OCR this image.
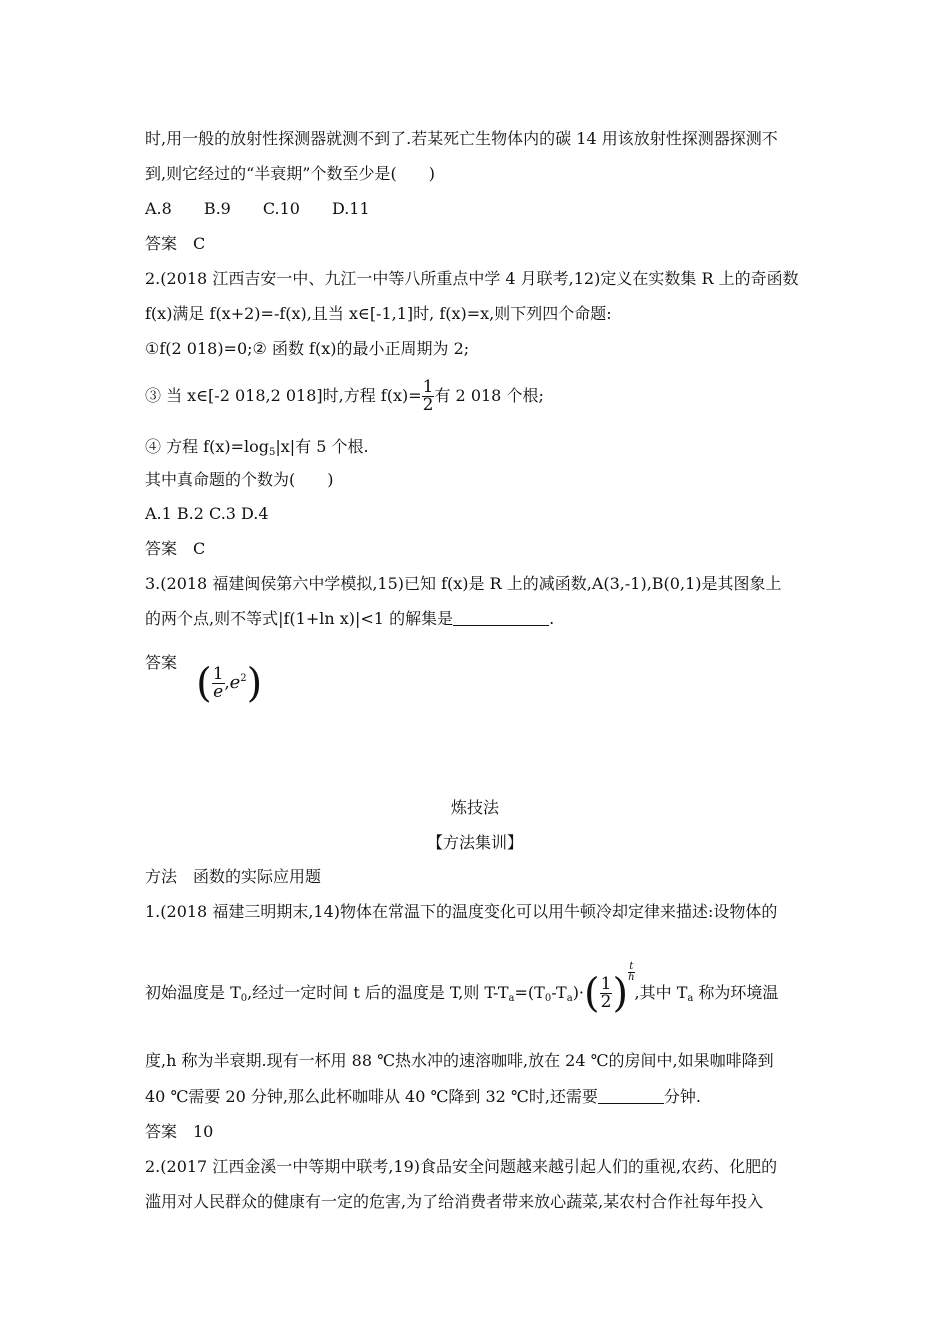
时,用一般的放射性探测器就测不到了.若某死亡生物体内的碳 14 用该放射性探测器探测不
到,则它经过的“半衰期”个数至少是(　　)
A.8　　B.9　　C.10　　D.11
答案　C
2.(2018 江西吉安一中、九江一中等八所重点中学 4 月联考,12)定义在实数集 R 上的奇函数
f(x)满足 f(x+2)=-f(x),且当 x∈[-1,1]时, f(x)=x,则下列四个命题:
①f(2 018)=0;② 函数 f(x)的最小正周期为 2;
③ 当 x∈[-2 018,2 018]时,方程 $f(x)= \frac{1}{2}$ 有 2 018 个根;
④ 方程 $f(x)=\log_5|x|$有 5 个根.
其中真命题的个数为(　　)
A.1 B.2 C.3 D.4
答案　C
3.(2018 福建闽侯第六中学模拟,15)已知 f(x)是 R 上的减函数,A(3,-1),B(0,1)是其图象上
的两个点,则不等式|f(1+ln x)|<1 的解集是	.
答案 ( $\frac{1}{e} ,e^2$)
炼技法
【方法集训】
方法　函数的实际应用题
1.(2018 福建三明期末,14)物体在常温下的温度变化可以用牛顿冷却定律来描述:设物体的
初始温度是 $T_0$,经过一定时间 t 后的温度是 T,则 $T-T_a=(T_0-T_a)\cdot( \frac{1}{2}$ ) $\frac{t}{h}$
,其中 $T_a$ 称为环境温
度,h 称为半衰期.现有一杯用 88 ℃热水冲的速溶咖啡,放在 24 ℃的房间中,如果咖啡降到
40 ℃需要 20 分钟,那么此杯咖啡从 40 ℃降到 32 ℃时,还需要	分钟.
答案　10
2.(2017 江西金溪一中等期中联考,19)食品安全问题越来越引起人们的重视,农药、化肥的
滥用对人民群众的健康有一定的危害,为了给消费者带来放心蔬菜,某农村合作社每年投入
